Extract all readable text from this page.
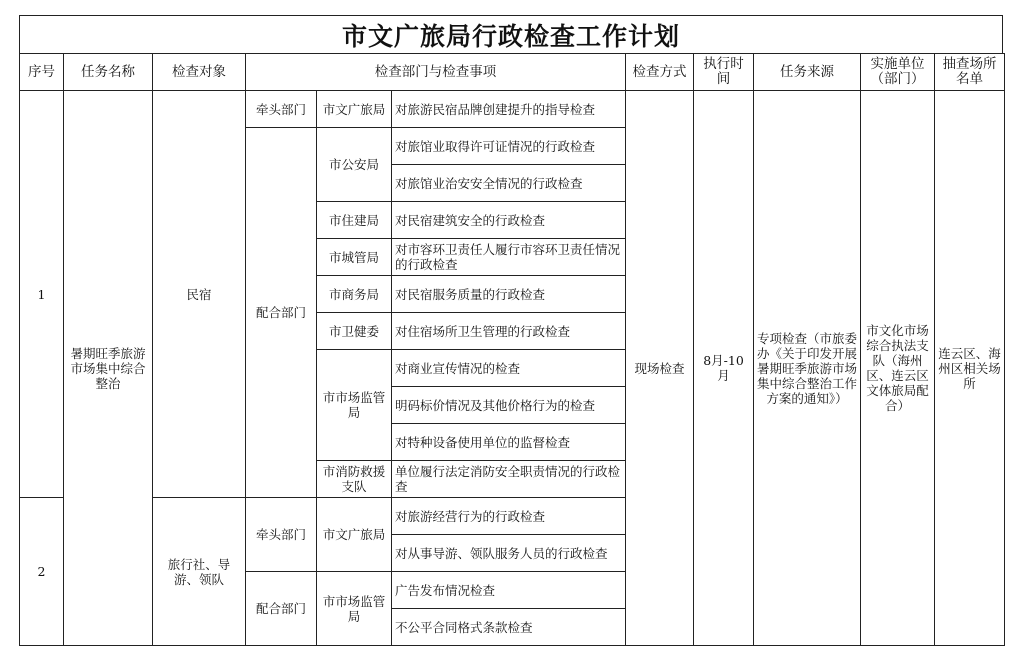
市文广旅局行政检查工作计划
序号	任务名称	检查对象	检查部门与检查事项			检查方式	执行时间	任务来源	实施单位（部门）	抽查场所名单
1	暑期旺季旅游市场集中综合整治	民宿	牵头部门	市文广旅局	对旅游民宿品牌创建提升的指导检查	现场检查	8月-10月	专项检查（市旅委办《关于印发开展暑期旺季旅游市场集中综合整治工作方案的通知》）	市文化市场综合执法支队（海州区、连云区文体旅局配合）	连云区、海州区相关场所
			配合部门	市公安局	对旅馆业取得许可证情况的行政检查					
					对旅馆业治安安全情况的行政检查					
				市住建局	对民宿建筑安全的行政检查					
				市城管局	对市容环卫责任人履行市容环卫责任情况的行政检查					
				市商务局	对民宿服务质量的行政检查					
				市卫健委	对住宿场所卫生管理的行政检查					
				市市场监管局	对商业宣传情况的检查					
					明码标价情况及其他价格行为的检查					
					对特种设备使用单位的监督检查					
				市消防救援支队	单位履行法定消防安全职责情况的行政检查					
2		旅行社、导游、领队	牵头部门	市文广旅局	对旅游经营行为的行政检查					
					对从事导游、领队服务人员的行政检查					
			配合部门	市市场监管局	广告发布情况检查					
					不公平合同格式条款检查					
